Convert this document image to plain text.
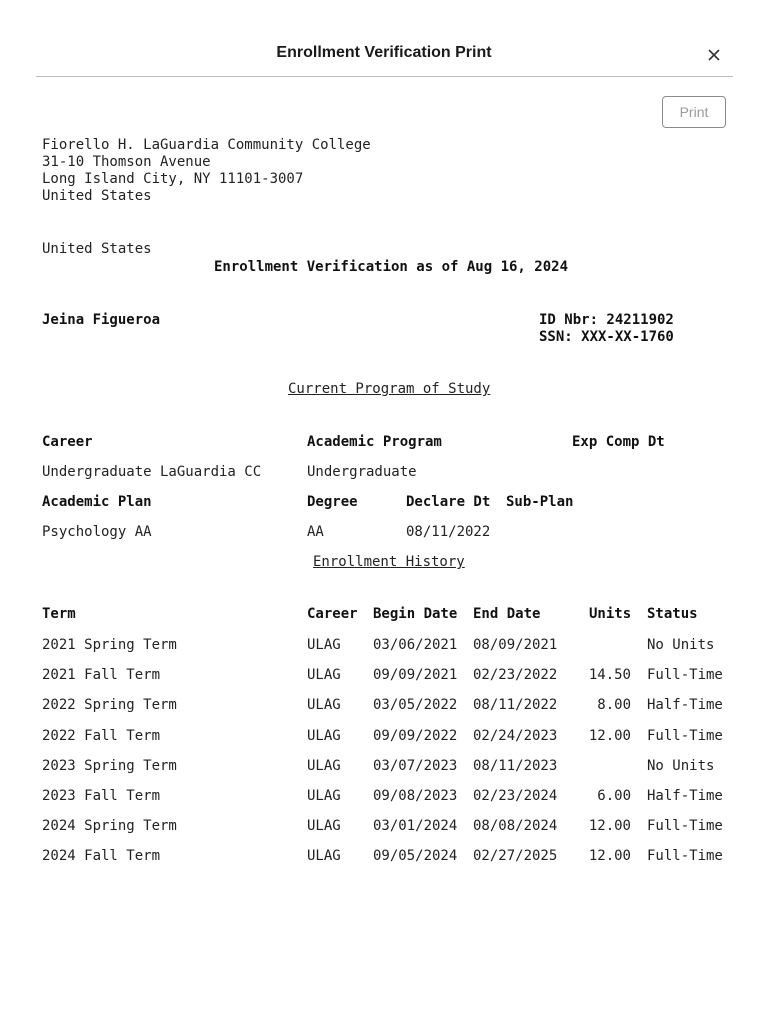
Enrollment Verification Print
Print
Fiorello H. LaGuardia Community College
31-10 Thomson Avenue
Long Island City, NY 11101-3007
United States
United States
Enrollment Verification as of Aug 16, 2024
Jeina Figueroa	ID Nbr: 24211902
SSN: XXX-XX-1760
Current Program of Study
Career	Academic Program	Exp Comp Dt
Undergraduate LaGuardia CC	Undergraduate
Academic Plan	Degree	Declare Dt Sub-Plan
Psychology AA	AA	08/11/2022
Enrollment History
Term	Career Begin Date End Date	Units Status
2021 Spring Term	ULAG 03/06/2021 08/09/2021	No Units
2021 Fall Term	ULAG 09/09/2021 02/23/2022	14.50 Full-Time
2022 Spring Term	ULAG 03/05/2022 08/11/2022	8.00 Half-Time
2022 Fall Term	ULAG 09/09/2022 02/24/2023	12.00 Full-Time
2023 Spring Term	ULAG 03/07/2023 08/11/2023	No Units
2023 Fall Term	ULAG 09/08/2023 02/23/2024	6.00 Half-Time
2024 Spring Term	ULAG 03/01/2024 08/08/2024	12.00 Full-Time
2024 Fall Term	ULAG 09/05/2024 02/27/2025	12.00 Full-Time
